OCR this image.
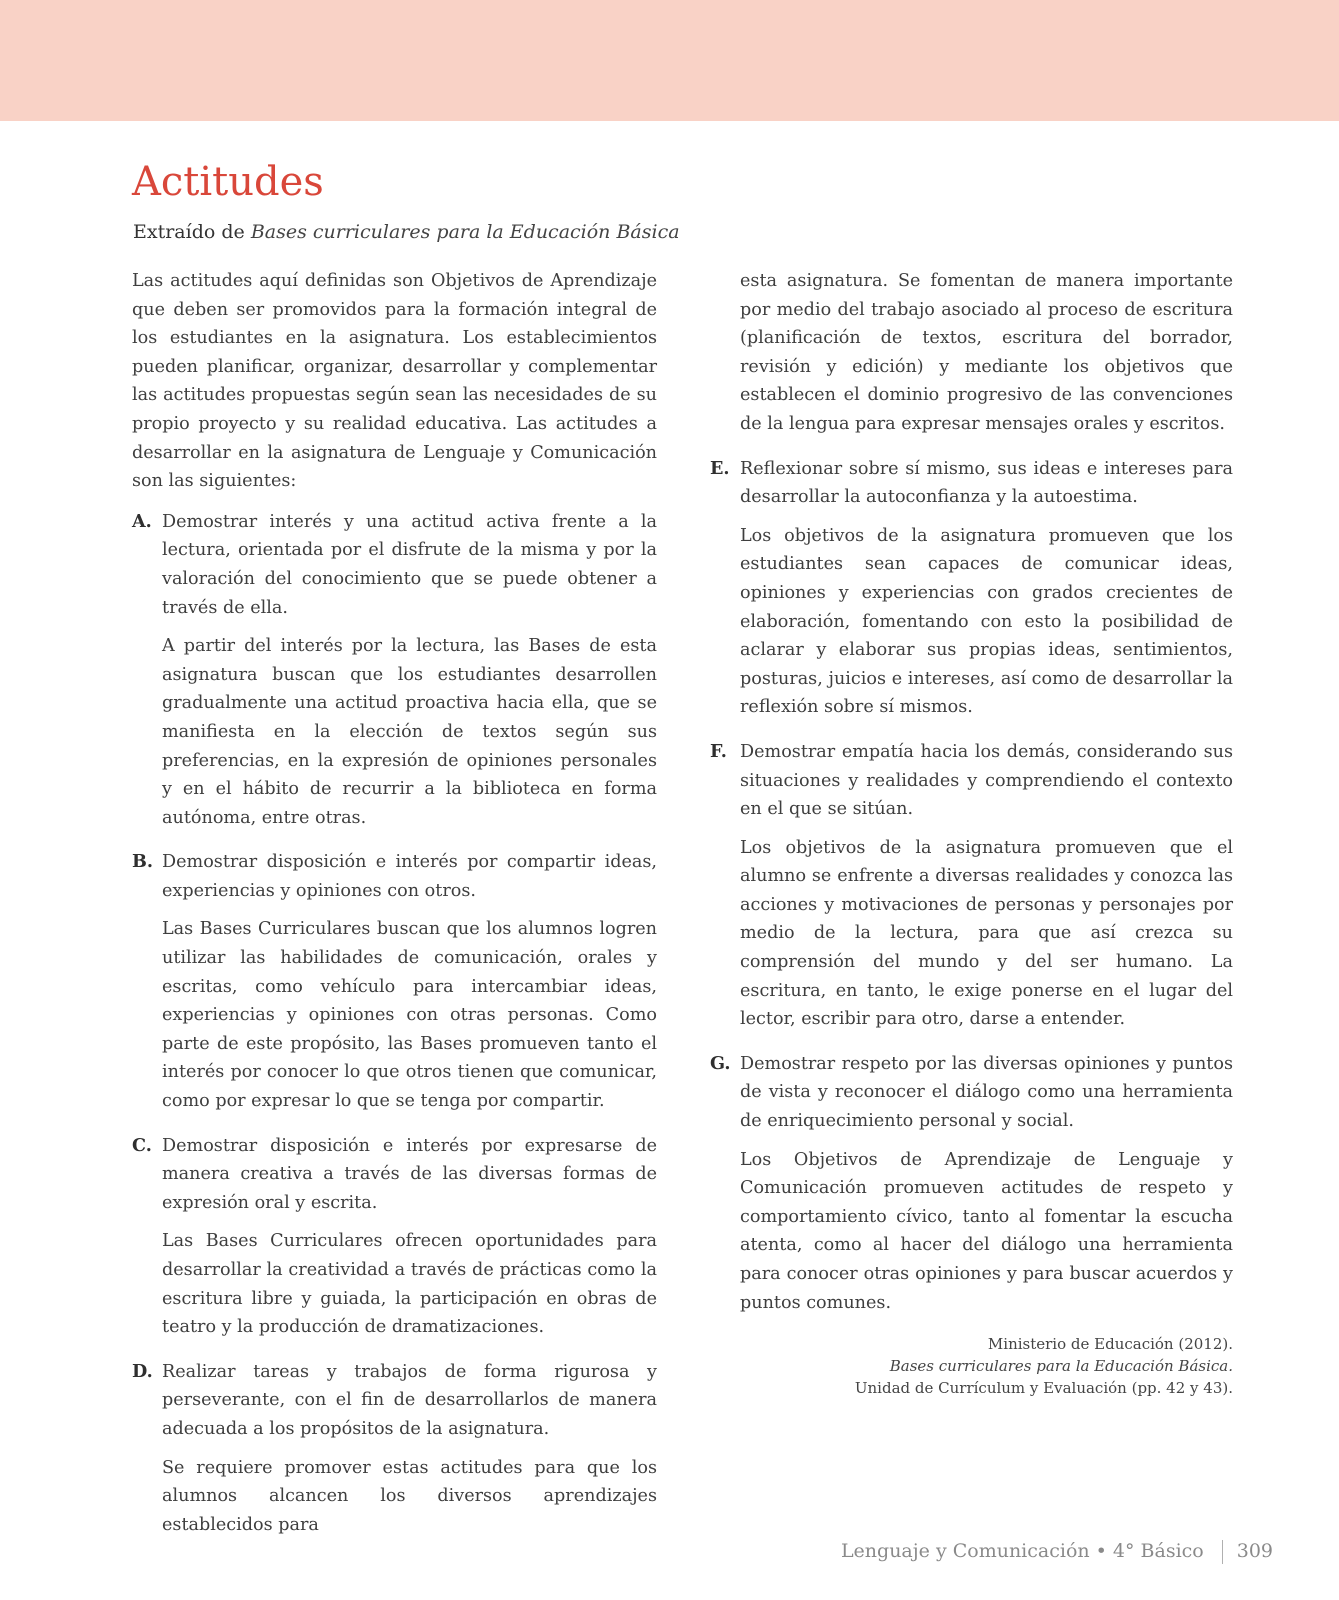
Actitudes
Extraído de Bases curriculares para la Educación Básica

Las actitudes aquí definidas son Objetivos de Aprendizaje que deben ser promovidos para la formación integral de los estudiantes en la asignatura. Los establecimientos pueden planificar, organizar, desarrollar y complementar las actitudes propuestas según sean las necesidades de su propio proyecto y su realidad educativa. Las actitudes a desarrollar en la asignatura de Lenguaje y Comunicación son las siguientes:

A. Demostrar interés y una actitud activa frente a la lectura, orientada por el disfrute de la misma y por la valoración del conocimiento que se puede obtener a través de ella.

A partir del interés por la lectura, las Bases de esta asignatura buscan que los estudiantes desarrollen gradualmente una actitud proactiva hacia ella, que se manifiesta en la elección de textos según sus preferencias, en la expresión de opiniones personales y en el hábito de recurrir a la biblioteca en forma autónoma, entre otras.

B. Demostrar disposición e interés por compartir ideas, experiencias y opiniones con otros.

Las Bases Curriculares buscan que los alumnos logren utilizar las habilidades de comunicación, orales y escritas, como vehículo para intercambiar ideas, experiencias y opiniones con otras personas. Como parte de este propósito, las Bases promueven tanto el interés por conocer lo que otros tienen que comunicar, como por expresar lo que se tenga por compartir.

C. Demostrar disposición e interés por expresarse de manera creativa a través de las diversas formas de expresión oral y escrita.

Las Bases Curriculares ofrecen oportunidades para desarrollar la creatividad a través de prácticas como la escritura libre y guiada, la participación en obras de teatro y la producción de dramatizaciones.

D. Realizar tareas y trabajos de forma rigurosa y perseverante, con el fin de desarrollarlos de manera adecuada a los propósitos de la asignatura.

Se requiere promover estas actitudes para que los alumnos alcancen los diversos aprendizajes establecidos para

esta asignatura. Se fomentan de manera importante por medio del trabajo asociado al proceso de escritura (planificación de textos, escritura del borrador, revisión y edición) y mediante los objetivos que establecen el dominio progresivo de las convenciones de la lengua para expresar mensajes orales y escritos.

E. Reflexionar sobre sí mismo, sus ideas e intereses para desarrollar la autoconfianza y la autoestima.

Los objetivos de la asignatura promueven que los estudiantes sean capaces de comunicar ideas, opiniones y experiencias con grados crecientes de elaboración, fomentando con esto la posibilidad de aclarar y elaborar sus propias ideas, sentimientos, posturas, juicios e intereses, así como de desarrollar la reflexión sobre sí mismos.

F. Demostrar empatía hacia los demás, considerando sus situaciones y realidades y comprendiendo el contexto en el que se sitúan.

Los objetivos de la asignatura promueven que el alumno se enfrente a diversas realidades y conozca las acciones y motivaciones de personas y personajes por medio de la lectura, para que así crezca su comprensión del mundo y del ser humano. La escritura, en tanto, le exige ponerse en el lugar del lector, escribir para otro, darse a entender.

G. Demostrar respeto por las diversas opiniones y puntos de vista y reconocer el diálogo como una herramienta de enriquecimiento personal y social.

Los Objetivos de Aprendizaje de Lenguaje y Comunicación promueven actitudes de respeto y comportamiento cívico, tanto al fomentar la escucha atenta, como al hacer del diálogo una herramienta para conocer otras opiniones y para buscar acuerdos y puntos comunes.

Ministerio de Educación (2012).
Bases curriculares para la Educación Básica.
Unidad de Currículum y Evaluación (pp. 42 y 43).
Lenguaje y Comunicación • 4° Básico 309
